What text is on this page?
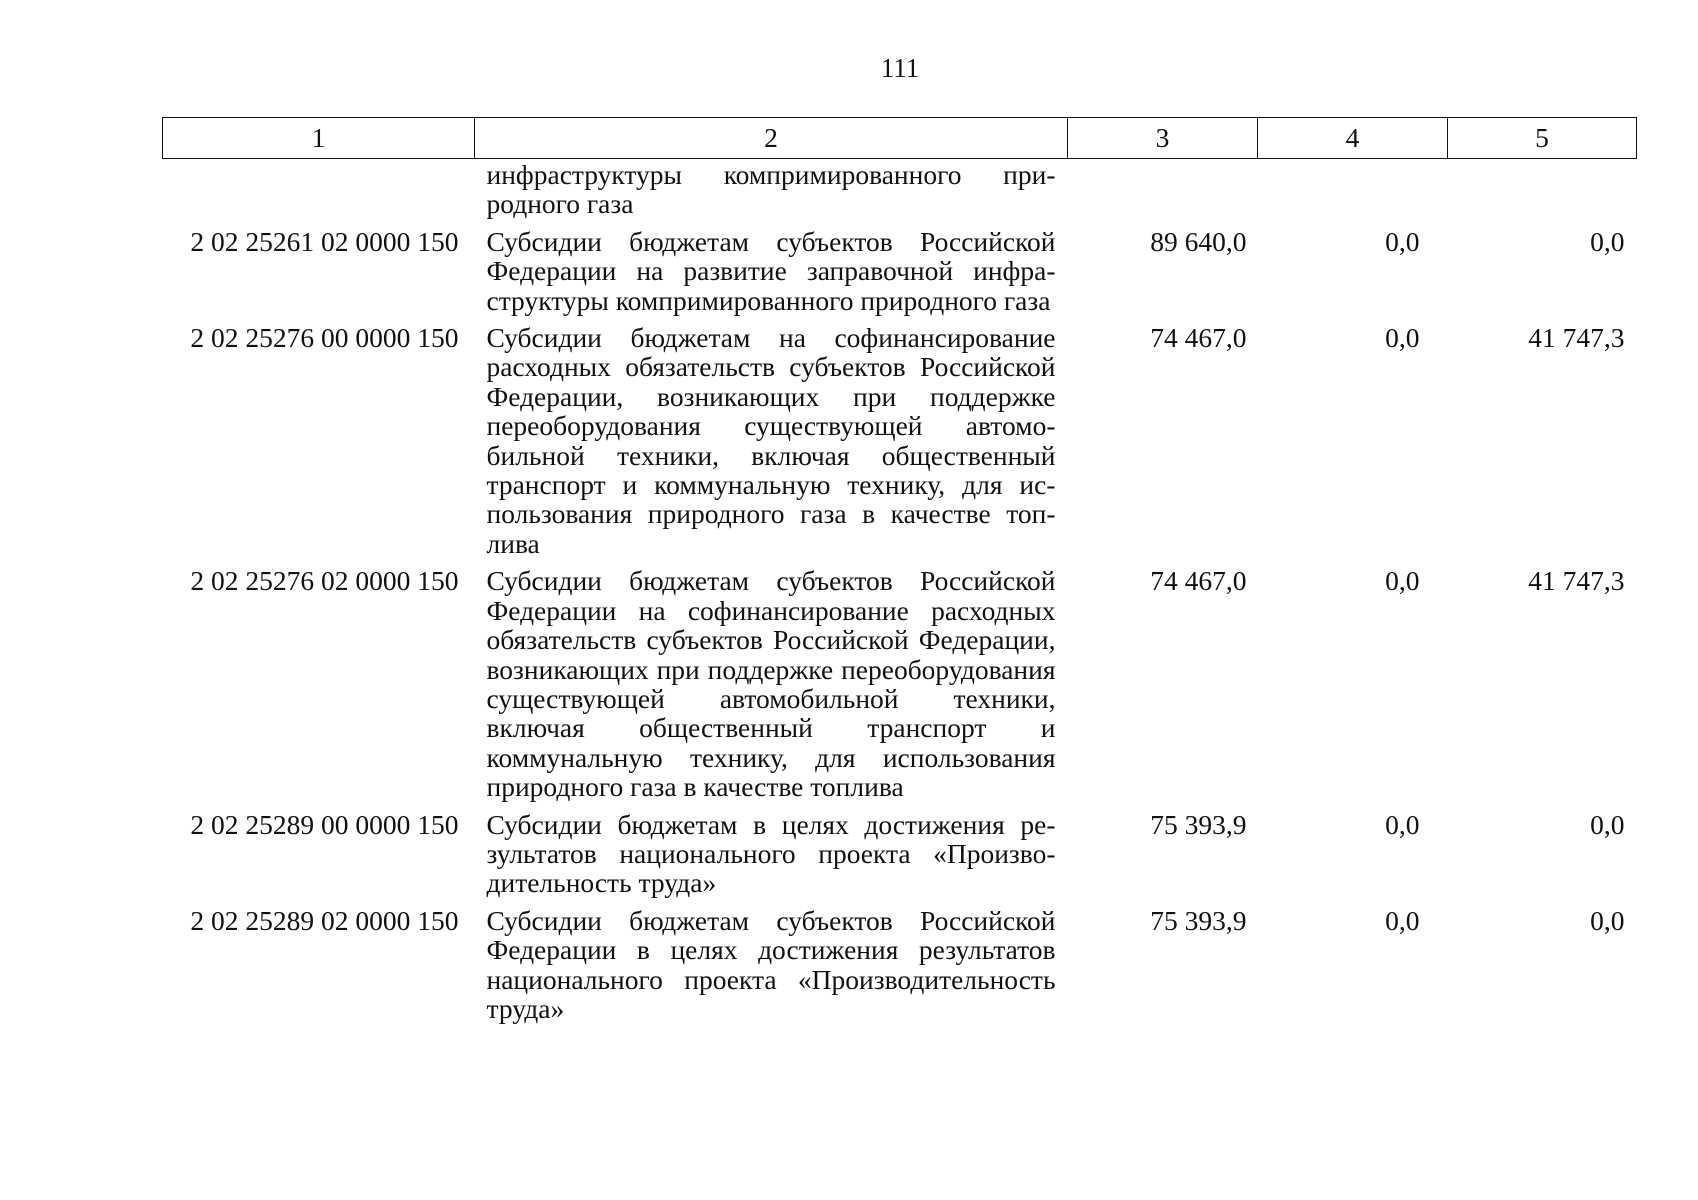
111
1	2	3	4	5
	инфраструктуры компримированного природного газа			
2 02 25261 02 0000 150	Субсидии бюджетам субъектов Российской Федерации на развитие заправочной инфраструктуры компримированного природного газа	89 640,0	0,0	0,0
2 02 25276 00 0000 150	Субсидии бюджетам на софинансирование расходных обязательств субъектов Российской Федерации, возникающих при поддержке переоборудования существующей автомобильной техники, включая общественный транспорт и коммунальную технику, для использования природного газа в качестве топлива	74 467,0	0,0	41 747,3
2 02 25276 02 0000 150	Субсидии бюджетам субъектов Российской Федерации на софинансирование расходных обязательств субъектов Российской Федерации, возникающих при поддержке переоборудования существующей автомобильной техники, включая общественный транспорт и коммунальную технику, для использования природного газа в качестве топлива	74 467,0	0,0	41 747,3
2 02 25289 00 0000 150	Субсидии бюджетам в целях достижения результатов национального проекта «Производительность труда»	75 393,9	0,0	0,0
2 02 25289 02 0000 150	Субсидии бюджетам субъектов Российской Федерации в целях достижения результатов национального проекта «Производительность труда»	75 393,9	0,0	0,0
